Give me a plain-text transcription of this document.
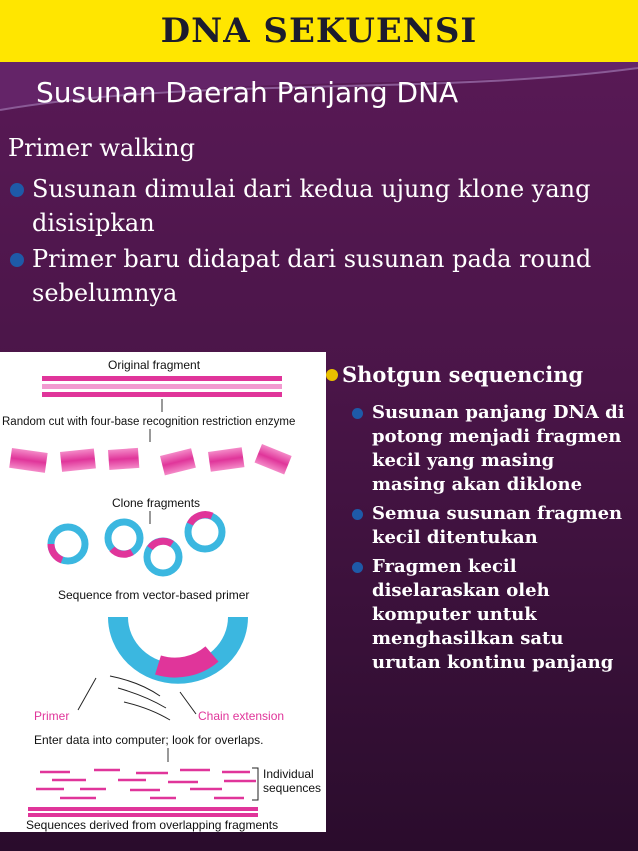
DNA SEKUENSI
Susunan Daerah Panjang DNA
Primer walking
Susunan dimulai dari kedua ujung klone yang disisipkan
Primer baru didapat dari susunan pada round sebelumnya
Original fragment
Random cut with four-base recognition restriction enzyme
Clone fragments
Sequence from vector-based primer
Primer	Chain extension
Enter data into computer; look for overlaps.
Individual
sequences
Sequences derived from overlapping fragments
Shotgun sequencing
Susunan panjang DNA di potong menjadi fragmen kecil yang masing masing akan diklone
Semua susunan fragmen kecil ditentukan
Fragmen kecil diselaraskan oleh komputer untuk menghasilkan satu urutan kontinu panjang
